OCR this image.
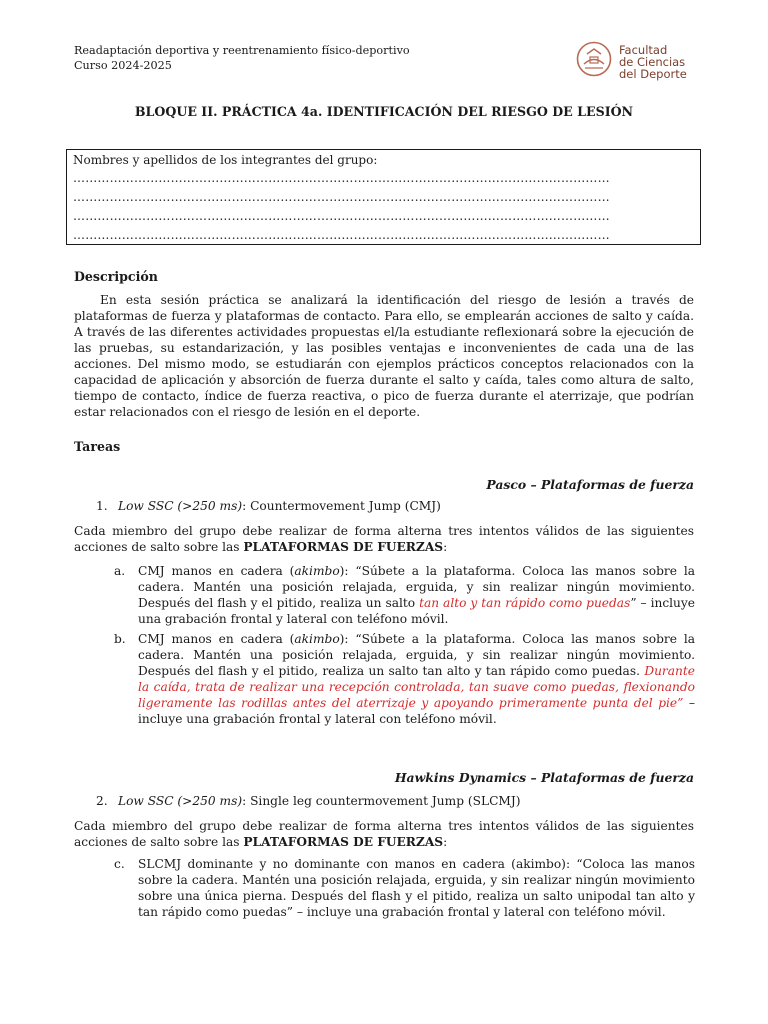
Readaptación deportiva y reentrenamiento físico-deportivo
Curso 2024-2025
Facultad
de Ciencias
del Deporte
BLOQUE II. PRÁCTICA 4a. IDENTIFICACIÓN DEL RIESGO DE LESIÓN
Nombres y apellidos de los integrantes del grupo:
……………………………………………………………………………………………………………………
……………………………………………………………………………………………………………………
……………………………………………………………………………………………………………………
……………………………………………………………………………………………………………………
Descripción
En esta sesión práctica se analizará la identificación del riesgo de lesión a través de plataformas de fuerza y plataformas de contacto. Para ello, se emplearán acciones de salto y caída. A través de las diferentes actividades propuestas el/la estudiante reflexionará sobre la ejecución de las pruebas, su estandarización, y las posibles ventajas e inconvenientes de cada una de las acciones. Del mismo modo, se estudiarán con ejemplos prácticos conceptos relacionados con la capacidad de aplicación y absorción de fuerza durante el salto y caída, tales como altura de salto, tiempo de contacto, índice de fuerza reactiva, o pico de fuerza durante el aterrizaje, que podrían estar relacionados con el riesgo de lesión en el deporte.
Tareas
Pasco – Plataformas de fuerza
1. Low SSC (>250 ms): Countermovement Jump (CMJ)
Cada miembro del grupo debe realizar de forma alterna tres intentos válidos de las siguientes acciones de salto sobre las PLATAFORMAS DE FUERZAS:
a. CMJ manos en cadera (akimbo): “Súbete a la plataforma. Coloca las manos sobre la cadera. Mantén una posición relajada, erguida, y sin realizar ningún movimiento. Después del flash y el pitido, realiza un salto tan alto y tan rápido como puedas” – incluye una grabación frontal y lateral con teléfono móvil.
b. CMJ manos en cadera (akimbo): “Súbete a la plataforma. Coloca las manos sobre la cadera. Mantén una posición relajada, erguida, y sin realizar ningún movimiento. Después del flash y el pitido, realiza un salto tan alto y tan rápido como puedas. Durante la caída, trata de realizar una recepción controlada, tan suave como puedas, flexionando ligeramente las rodillas antes del aterrizaje y apoyando primeramente punta del pie” – incluye una grabación frontal y lateral con teléfono móvil.
Hawkins Dynamics – Plataformas de fuerza
2. Low SSC (>250 ms): Single leg countermovement Jump (SLCMJ)
Cada miembro del grupo debe realizar de forma alterna tres intentos válidos de las siguientes acciones de salto sobre las PLATAFORMAS DE FUERZAS:
c. SLCMJ dominante y no dominante con manos en cadera (akimbo): “Coloca las manos sobre la cadera. Mantén una posición relajada, erguida, y sin realizar ningún movimiento sobre una única pierna. Después del flash y el pitido, realiza un salto unipodal tan alto y tan rápido como puedas” – incluye una grabación frontal y lateral con teléfono móvil.
